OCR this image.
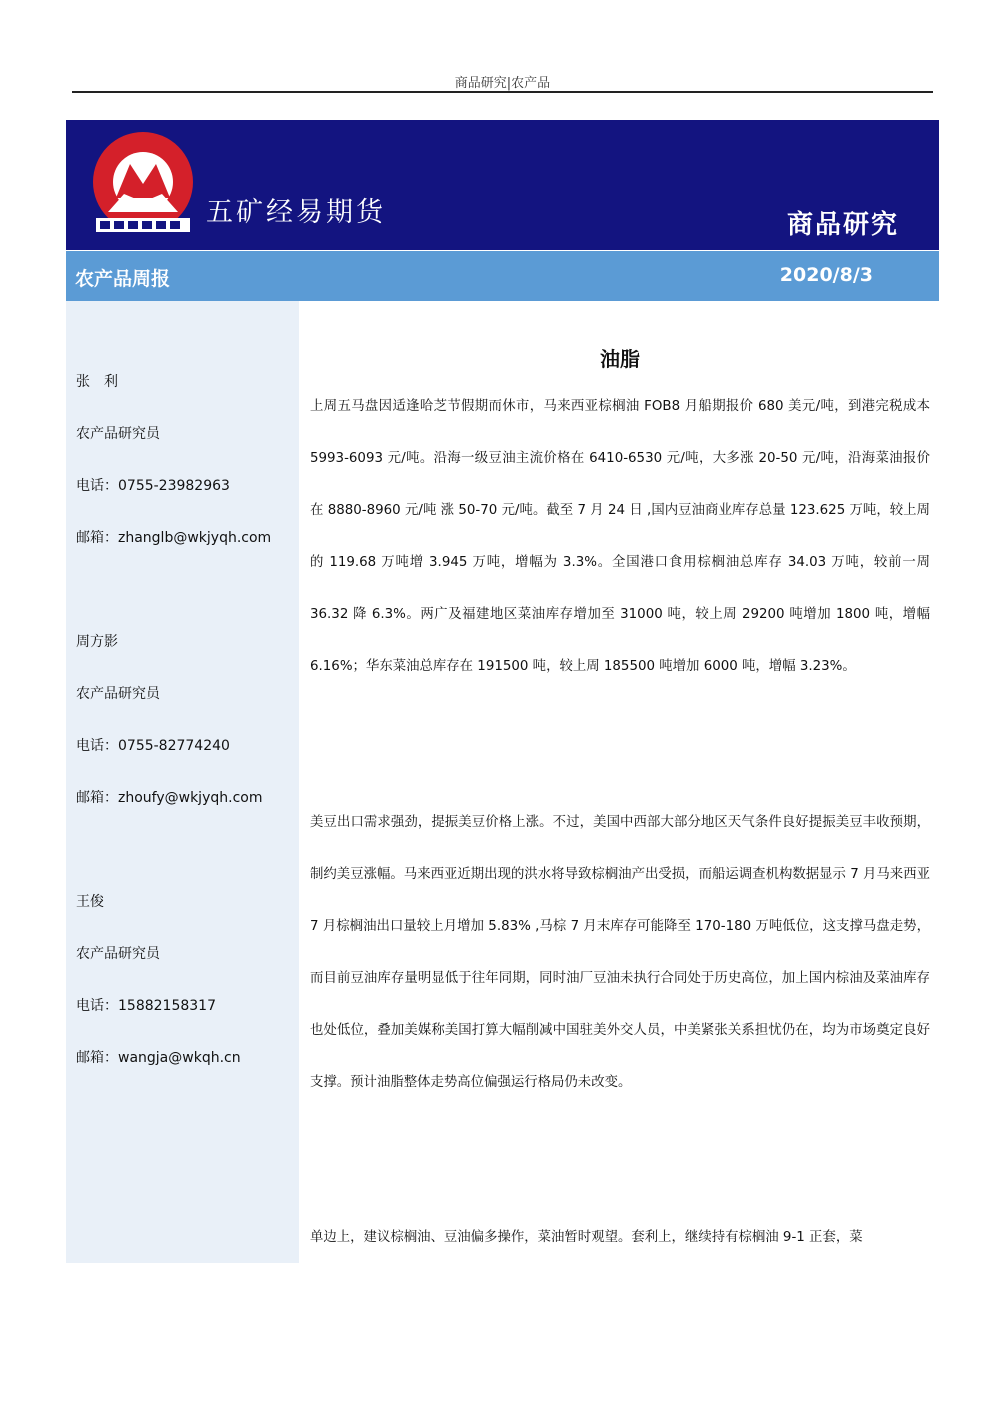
商品研究|农产品
五矿经易期货	商品研究
农产品周报	2020/8/3
张　利
农产品研究员
电话：0755-23982963
邮箱：zhanglb@wkjyqh.com
周方影
农产品研究员
电话：0755-82774240
邮箱：zhoufy@wkjyqh.com
王俊
农产品研究员
电话：15882158317
邮箱：wangja@wkqh.cn
油脂

上周五马盘因适逢哈芝节假期而休市，马来西亚棕榈油 FOB8 月船期报价 680 美元/吨，到港完税成本 5993-6093 元/吨。沿海一级豆油主流价格在 6410-6530 元/吨，大多涨 20-50 元/吨，沿海菜油报价在 8880-8960 元/吨 涨 50-70 元/吨。截至 7 月 24 日 ,国内豆油商业库存总量 123.625 万吨，较上周的 119.68 万吨增 3.945 万吨，增幅为 3.3%。全国港口食用棕榈油总库存 34.03 万吨，较前一周 36.32 降 6.3%。两广及福建地区菜油库存增加至 31000 吨，较上周 29200 吨增加 1800 吨，增幅 6.16%；华东菜油总库存在 191500 吨，较上周 185500 吨增加 6000 吨，增幅 3.23%。

美豆出口需求强劲，提振美豆价格上涨。不过，美国中西部大部分地区天气条件良好提振美豆丰收预期，制约美豆涨幅。马来西亚近期出现的洪水将导致棕榈油产出受损，而船运调查机构数据显示 7 月马来西亚 7 月棕榈油出口量较上月增加 5.83% ,马棕 7 月末库存可能降至 170-180 万吨低位，这支撑马盘走势，而目前豆油库存量明显低于往年同期，同时油厂豆油未执行合同处于历史高位，加上国内棕油及菜油库存也处低位，叠加美媒称美国打算大幅削减中国驻美外交人员，中美紧张关系担忧仍在，均为市场奠定良好支撑。预计油脂整体走势高位偏强运行格局仍未改变。

单边上，建议棕榈油、豆油偏多操作，菜油暂时观望。套利上，继续持有棕榈油 9-1 正套，菜
